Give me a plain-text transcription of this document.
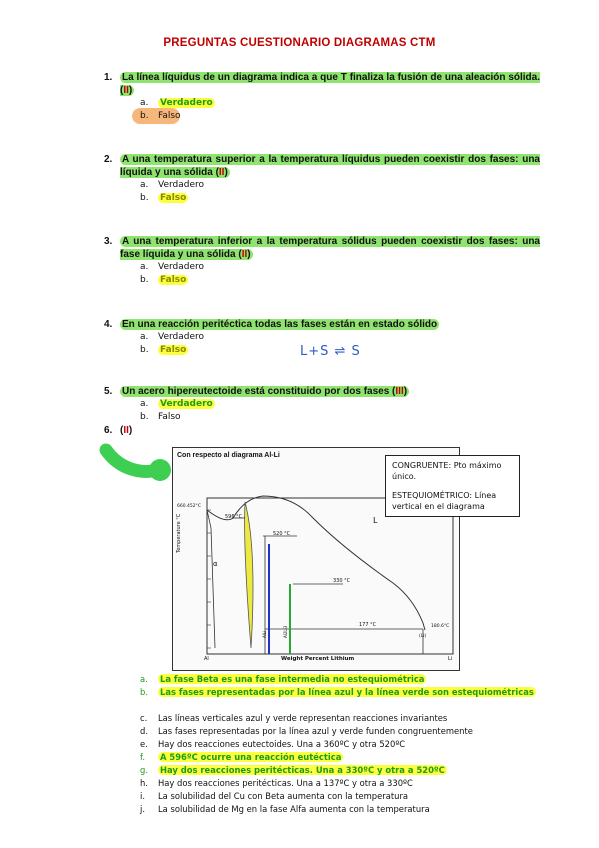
PREGUNTAS CUESTIONARIO DIAGRAMAS CTM
1. La línea líquidus de un diagrama indica a que T finaliza la fusión de una aleación sólida. (II)
a.	Verdadero
b.	Falso
2. A una temperatura superior a la temperatura líquidus pueden coexistir dos fases: una líquida y una sólida (II)
a.	Verdadero
b.	Falso
3. A una temperatura inferior a la temperatura sólidus pueden coexistir dos fases: una fase líquida y una sólida (II)
a.	Verdadero
b.	Falso
4. En una reacción peritéctica todas las fases están en estado sólido
a.	Verdadero
b.	Falso	L+S ⇌ S
5. Un acero hipereutectoide está constituido por dos fases (III)
a.	Verdadero
b.	Falso
6. (II)
Con respecto al diagrama Al-Li
660.452°C
Temperature °C	596 °C
520 °C
330 °C
177 °C
α
L
(Li)
180.6°C
AlLi	Al2Li3
Al	Li
Weight Percent Lithium
CONGRUENTE: Pto máximo único.
ESTEQUIOMÉTRICO: Línea vertical en el diagrama
a.	La fase Beta es una fase intermedia no estequiométrica
b.	Las fases representadas por la línea azul y la línea verde son estequiométricas
c.	Las líneas verticales azul y verde representan reacciones invariantes
d.	Las fases representadas por la línea azul y verde funden congruentemente
e.	Hay dos reacciones eutectoides. Una a 360ºC y otra 520ºC
f.	A 596ºC ocurre una reacción eutéctica
g.	Hay dos reacciones peritécticas. Una a 330ºC y otra a 520ºC
h.	Hay dos reacciones peritécticas. Una a 137ºC y otra a 330ºC
i.	La solubilidad del Cu con Beta aumenta con la temperatura
j.	La solubilidad de Mg en la fase Alfa aumenta con la temperatura
